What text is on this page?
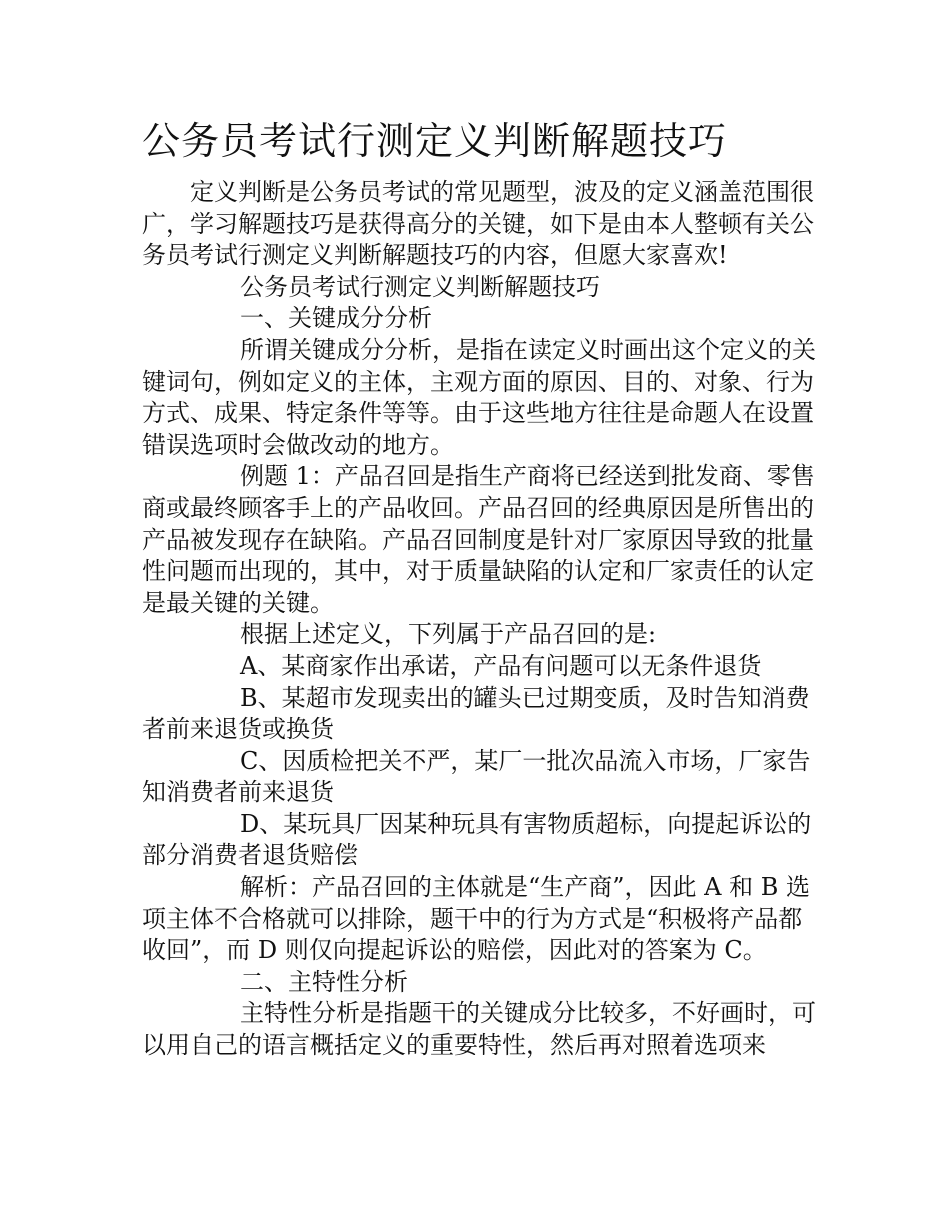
公务员考试行测定义判断解题技巧

定义判断是公务员考试的常见题型，波及的定义涵盖范围很广，学习解题技巧是获得高分的关键，如下是由本人整顿有关公务员考试行测定义判断解题技巧的内容，但愿大家喜欢!

公务员考试行测定义判断解题技巧

一、关键成分分析

所谓关键成分分析，是指在读定义时画出这个定义的关键词句，例如定义的主体，主观方面的原因、目的、对象、行为方式、成果、特定条件等等。由于这些地方往往是命题人在设置错误选项时会做改动的地方。

例题 1：产品召回是指生产商将已经送到批发商、零售商或最终顾客手上的产品收回。产品召回的经典原因是所售出的产品被发现存在缺陷。产品召回制度是针对厂家原因导致的批量性问题而出现的，其中，对于质量缺陷的认定和厂家责任的认定是最关键的关键。

根据上述定义，下列属于产品召回的是:

A、某商家作出承诺，产品有问题可以无条件退货

B、某超市发现卖出的罐头已过期变质，及时告知消费者前来退货或换货

C、因质检把关不严，某厂一批次品流入市场，厂家告知消费者前来退货

D、某玩具厂因某种玩具有害物质超标，向提起诉讼的部分消费者退货赔偿

解析：产品召回的主体就是“生产商”，因此 A 和 B 选项主体不合格就可以排除，题干中的行为方式是“积极将产品都收回”，而 D 则仅向提起诉讼的赔偿，因此对的答案为 C。

二、主特性分析

主特性分析是指题干的关键成分比较多，不好画时，可以用自己的语言概括定义的重要特性，然后再对照着选项来
